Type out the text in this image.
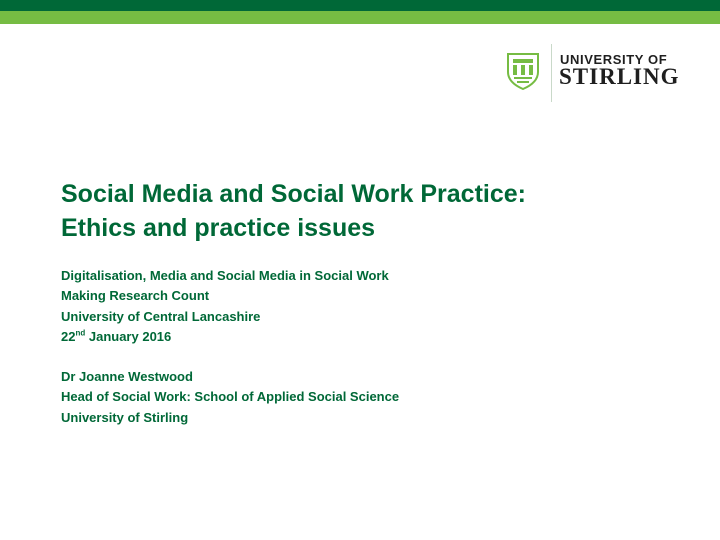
UNIVERSITY OF
STIRLING
Social Media and Social Work Practice:
Ethics and practice issues
Digitalisation, Media and Social Media in Social Work
Making Research Count
University of Central Lancashire
22nd January 2016
Dr Joanne Westwood
Head of Social Work: School of Applied Social Science
University of Stirling
